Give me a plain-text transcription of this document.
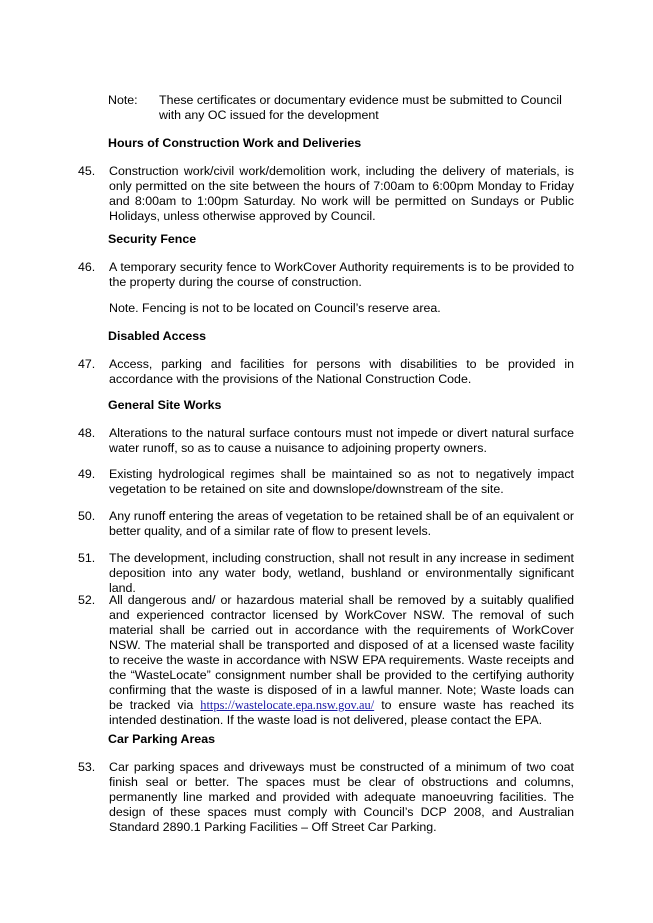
Note: These certificates or documentary evidence must be submitted to Council with any OC issued for the development
Hours of Construction Work and Deliveries
45.	Construction work/civil work/demolition work, including the delivery of materials, is only permitted on the site between the hours of 7:00am to 6:00pm Monday to Friday and 8:00am to 1:00pm Saturday. No work will be permitted on Sundays or Public Holidays, unless otherwise approved by Council.
Security Fence
46.	A temporary security fence to WorkCover Authority requirements is to be provided to the property during the course of construction.
Note. Fencing is not to be located on Council’s reserve area.
Disabled Access
47.	Access, parking and facilities for persons with disabilities to be provided in accordance with the provisions of the National Construction Code.
General Site Works
48.	Alterations to the natural surface contours must not impede or divert natural surface water runoff, so as to cause a nuisance to adjoining property owners.
49.	Existing hydrological regimes shall be maintained so as not to negatively impact vegetation to be retained on site and downslope/downstream of the site.
50.	Any runoff entering the areas of vegetation to be retained shall be of an equivalent or better quality, and of a similar rate of flow to present levels.
51.	The development, including construction, shall not result in any increase in sediment deposition into any water body, wetland, bushland or environmentally significant land.
52.	All dangerous and/ or hazardous material shall be removed by a suitably qualified and experienced contractor licensed by WorkCover NSW. The removal of such material shall be carried out in accordance with the requirements of WorkCover NSW. The material shall be transported and disposed of at a licensed waste facility to receive the waste in accordance with NSW EPA requirements. Waste receipts and the “WasteLocate” consignment number shall be provided to the certifying authority confirming that the waste is disposed of in a lawful manner. Note; Waste loads can be tracked via https://wastelocate.epa.nsw.gov.au/ to ensure waste has reached its intended destination. If the waste load is not delivered, please contact the EPA.
Car Parking Areas
53.	Car parking spaces and driveways must be constructed of a minimum of two coat finish seal or better. The spaces must be clear of obstructions and columns, permanently line marked and provided with adequate manoeuvring facilities. The design of these spaces must comply with Council’s DCP 2008, and Australian Standard 2890.1 Parking Facilities – Off Street Car Parking.
